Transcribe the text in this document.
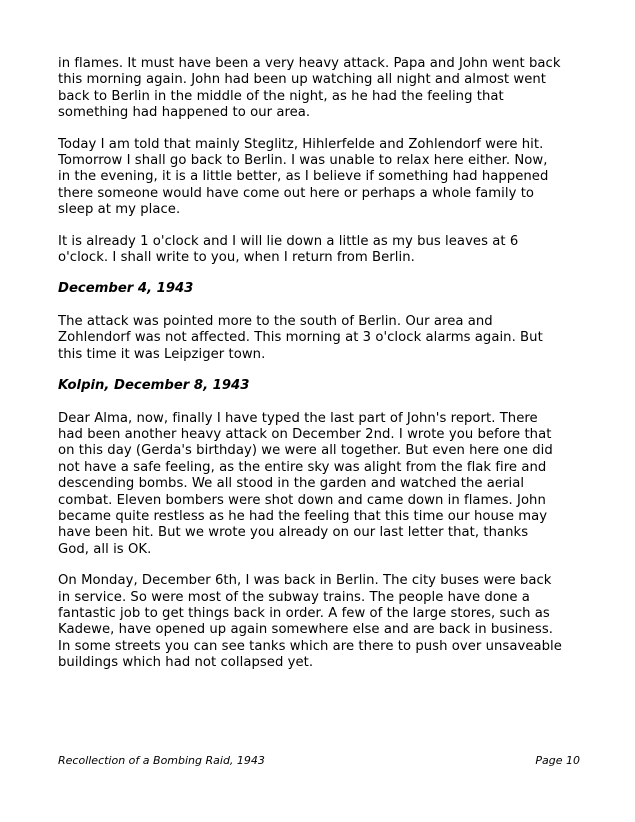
in flames. It must have been a very heavy attack. Papa and John went back
this morning again. John had been up watching all night and almost went
back to Berlin in the middle of the night, as he had the feeling that
something had happened to our area.
Today I am told that mainly Steglitz, Hihlerfelde and Zohlendorf were hit.
Tomorrow I shall go back to Berlin. I was unable to relax here either. Now,
in the evening, it is a little better, as I believe if something had happened
there someone would have come out here or perhaps a whole family to
sleep at my place.
It is already 1 o'clock and I will lie down a little as my bus leaves at 6
o'clock. I shall write to you, when I return from Berlin.
December 4, 1943
The attack was pointed more to the south of Berlin. Our area and
Zohlendorf was not affected. This morning at 3 o'clock alarms again. But
this time it was Leipziger town.
Kolpin, December 8, 1943
Dear Alma, now, finally I have typed the last part of John's report. There
had been another heavy attack on December 2nd. I wrote you before that
on this day (Gerda's birthday) we were all together. But even here one did
not have a safe feeling, as the entire sky was alight from the flak fire and
descending bombs. We all stood in the garden and watched the aerial
combat. Eleven bombers were shot down and came down in flames. John
became quite restless as he had the feeling that this time our house may
have been hit. But we wrote you already on our last letter that, thanks
God, all is OK.
On Monday, December 6th, I was back in Berlin. The city buses were back
in service. So were most of the subway trains. The people have done a
fantastic job to get things back in order. A few of the large stores, such as
Kadewe, have opened up again somewhere else and are back in business.
In some streets you can see tanks which are there to push over unsaveable
buildings which had not collapsed yet.
Recollection of a Bombing Raid, 1943	Page 10
